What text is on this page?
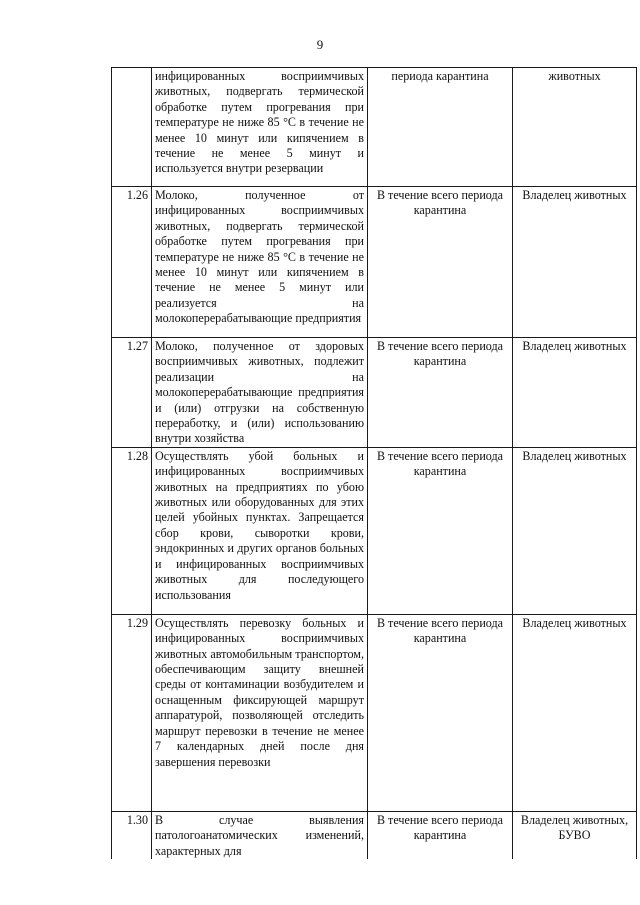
9
	инфицированных восприимчивых животных, подвергать термической обработке путем прогревания при температуре не ниже 85 °С в течение не менее 10 минут или кипячением в течение не менее 5 минут и используется внутри резервации	периода карантина	животных
1.26	Молоко, полученное от инфицированных восприимчивых животных, подвергать термической обработке путем прогревания при температуре не ниже 85 °С в течение не менее 10 минут или кипячением в течение не менее 5 минут или реализуется на молокоперерабатывающие предприятия	В течение всего периода карантина	Владелец животных
1.27	Молоко, полученное от здоровых восприимчивых животных, подлежит реализации на молокоперерабатывающие предприятия и (или) отгрузки на собственную переработку, и (или) использованию внутри хозяйства	В течение всего периода карантина	Владелец животных
1.28	Осуществлять убой больных и инфицированных восприимчивых животных на предприятиях по убою животных или оборудованных для этих целей убойных пунктах. Запрещается сбор крови, сыворотки крови, эндокринных и других органов больных и инфицированных восприимчивых животных для последующего использования	В течение всего периода карантина	Владелец животных
1.29	Осуществлять перевозку больных и инфицированных восприимчивых животных автомобильным транспортом, обеспечивающим защиту внешней среды от контаминации возбудителем и оснащенным фиксирующей маршрут аппаратурой, позволяющей отследить маршрут перевозки в течение не менее 7 календарных дней после дня завершения перевозки	В течение всего периода карантина	Владелец животных
1.30	В случае выявления патологоанатомических изменений, характерных для	В течение всего периода карантина	Владелец животных, БУВО
